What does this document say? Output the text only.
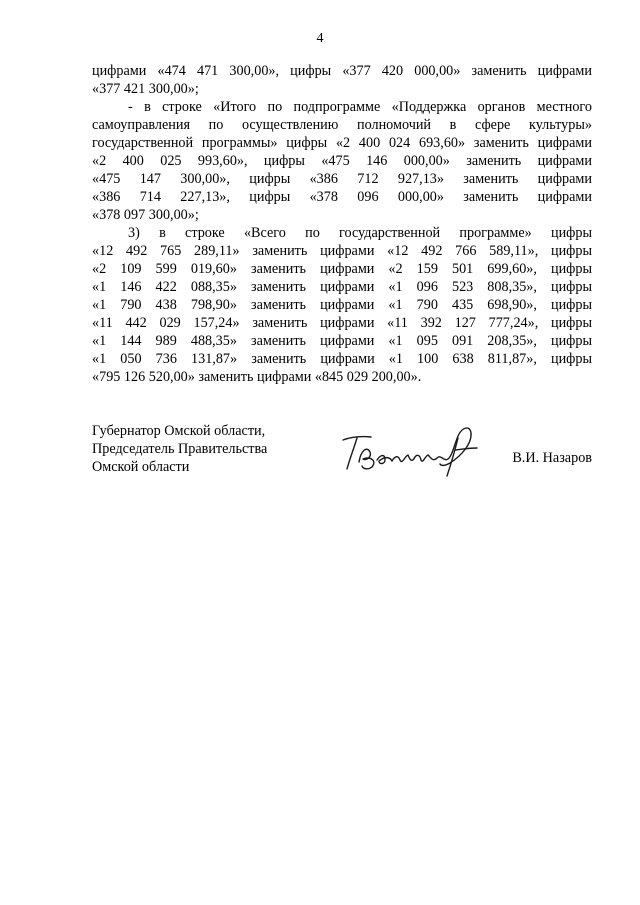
4
цифрами «474 471 300,00», цифры «377 420 000,00» заменить цифрами
«377 421 300,00»;
- в строке «Итого по подпрограмме «Поддержка органов местного
самоуправления по осуществлению полномочий в сфере культуры»
государственной программы» цифры «2 400 024 693,60» заменить цифрами
«2 400 025 993,60», цифры «475 146 000,00» заменить цифрами
«475 147 300,00», цифры «386 712 927,13» заменить цифрами
«386 714 227,13», цифры «378 096 000,00» заменить цифрами
«378 097 300,00»;
3) в строке «Всего по государственной программе» цифры
«12 492 765 289,11» заменить цифрами «12 492 766 589,11», цифры
«2 109 599 019,60» заменить цифрами «2 159 501 699,60», цифры
«1 146 422 088,35» заменить цифрами «1 096 523 808,35», цифры
«1 790 438 798,90» заменить цифрами «1 790 435 698,90», цифры
«11 442 029 157,24» заменить цифрами «11 392 127 777,24», цифры
«1 144 989 488,35» заменить цифрами «1 095 091 208,35», цифры
«1 050 736 131,87» заменить цифрами «1 100 638 811,87», цифры
«795 126 520,00» заменить цифрами «845 029 200,00».
Губернатор Омской области,
Председатель Правительства
Омской области
В.И. Назаров
